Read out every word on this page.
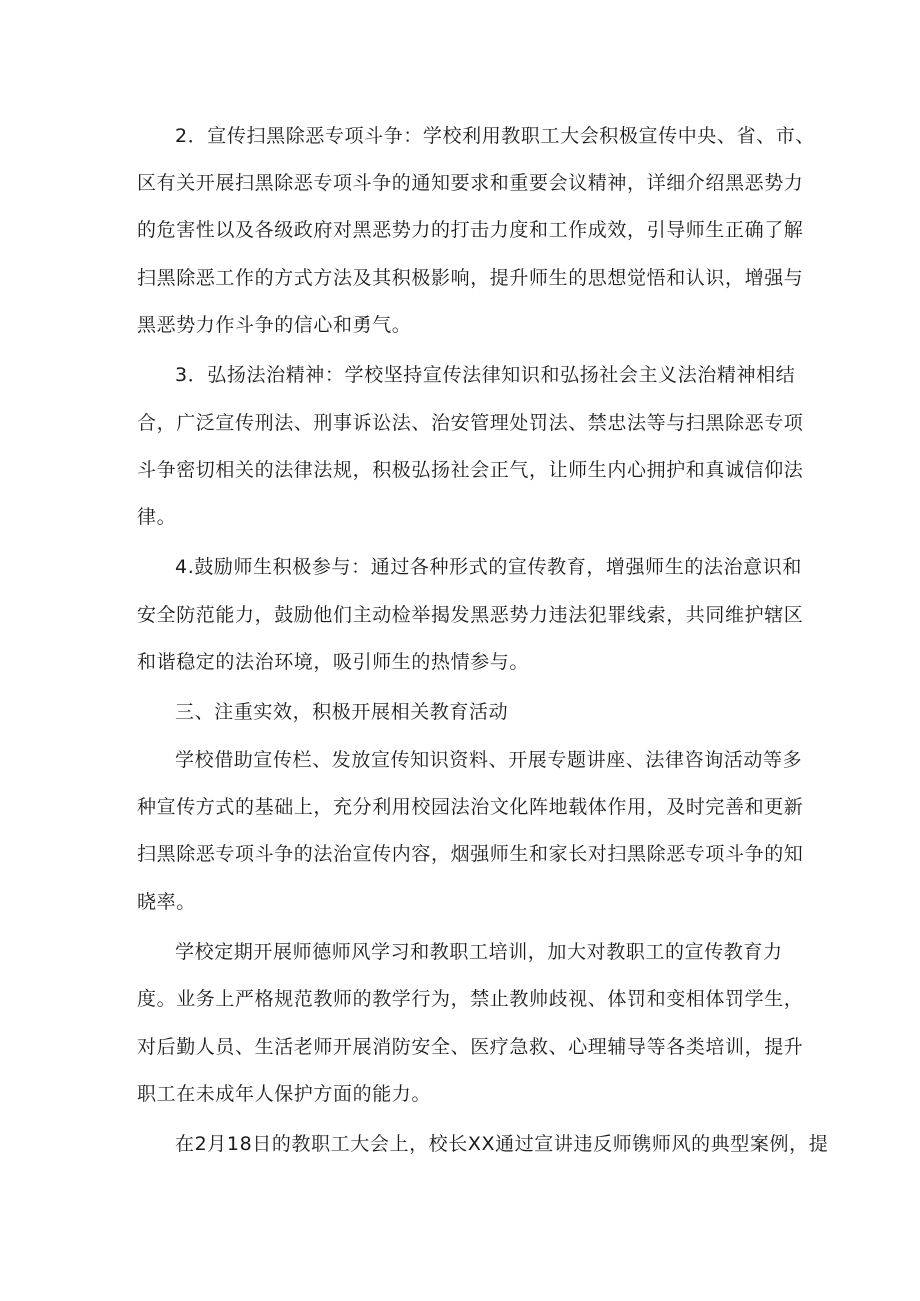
2．宣传扫黑除恶专项斗争：学校利用教职工大会积极宣传中央、省、市、
区有关开展扫黑除恶专项斗争的通知要求和重要会议精神，详细介绍黑恶势力
的危害性以及各级政府对黑恶势力的打击力度和工作成效，引导师生正确了解
扫黑除恶工作的方式方法及其积极影响，提升师生的思想觉悟和认识，增强与
黑恶势力作斗争的信心和勇气。
3．弘扬法治精神：学校坚持宣传法律知识和弘扬社会主义法治精神相结
合，广泛宣传刑法、刑事诉讼法、治安管理处罚法、禁忠法等与扫黑除恶专项
斗争密切相关的法律法规，积极弘扬社会正气，让师生内心拥护和真诚信仰法
律。
4.鼓励师生积极参与：通过各种形式的宣传教育，增强师生的法治意识和
安全防范能力，鼓励他们主动检举揭发黑恶势力违法犯罪线索，共同维护辖区
和谐稳定的法治环境，吸引师生的热情参与。
三、注重实效，积极开展相关教育活动
学校借助宣传栏、发放宣传知识资料、开展专题讲座、法律咨询活动等多
种宣传方式的基础上，充分利用校园法治文化阵地载体作用，及时完善和更新
扫黑除恶专项斗争的法治宣传内容，烟强师生和家长对扫黑除恶专项斗争的知
晓率。
学校定期开展师德师风学习和教职工培训，加大对教职工的宣传教育力
度。业务上严格规范教师的教学行为，禁止教帅歧视、体罚和变相体罚学生，
对后勤人员、生活老师开展消防安全、医疗急救、心理辅导等各类培训，提升
职工在未成年人保护方面的能力。
在2月18日的教职工大会上，校长XX通过宣讲违反师镌师风的典型案例，提
